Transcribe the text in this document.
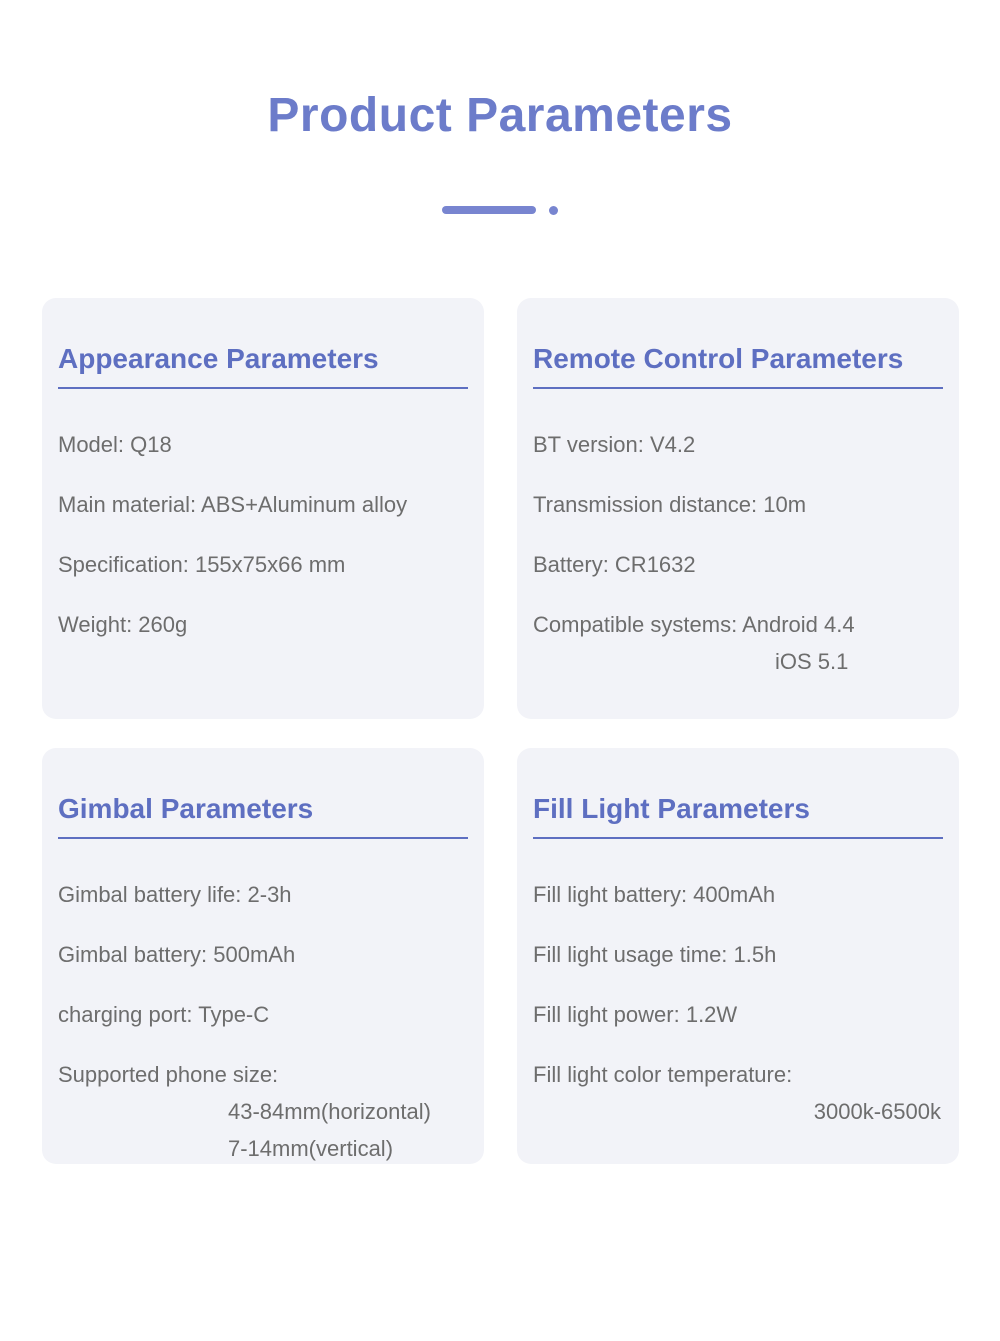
Product Parameters
Appearance Parameters
Model: Q18
Main material: ABS+Aluminum alloy
Specification: 155x75x66 mm
Weight: 260g
Remote Control Parameters
BT version: V4.2
Transmission distance: 10m
Battery: CR1632
Compatible systems: Android 4.4
iOS 5.1
Gimbal Parameters
Gimbal battery life: 2-3h
Gimbal battery: 500mAh
charging port: Type-C
Supported phone size:
43-84mm(horizontal)
7-14mm(vertical)
Fill Light Parameters
Fill light battery: 400mAh
Fill light usage time: 1.5h
Fill light power: 1.2W
Fill light color temperature:
3000k-6500k
